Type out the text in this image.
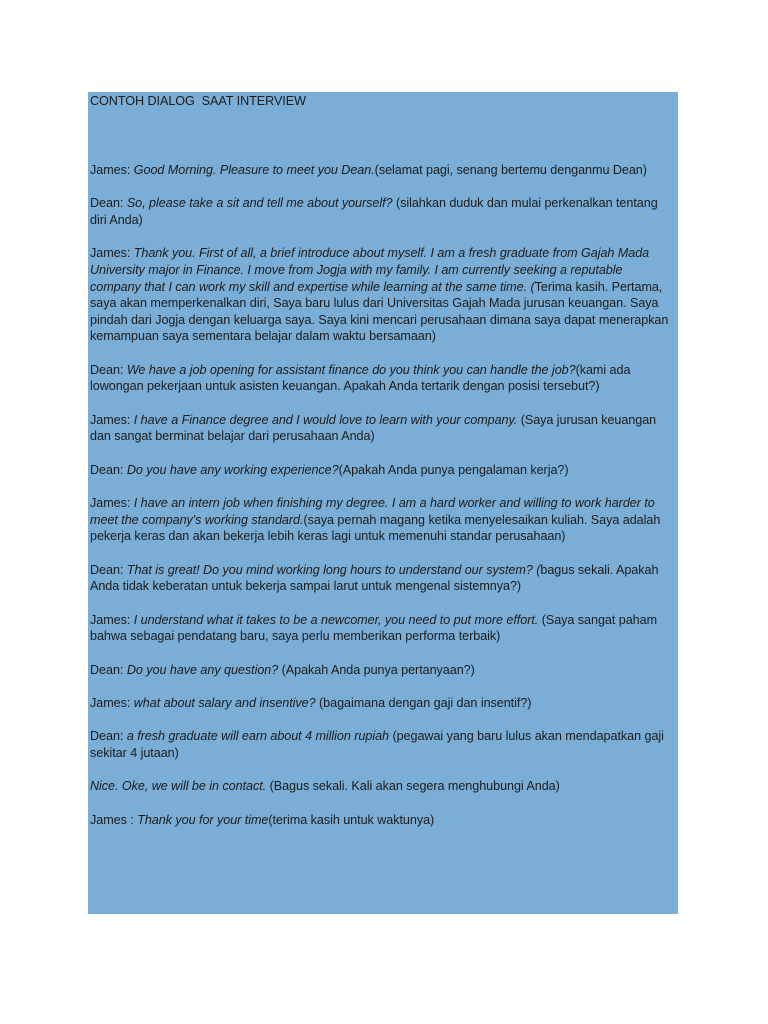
CONTOH DIALOG  SAAT INTERVIEW

James: Good Morning. Pleasure to meet you Dean.(selamat pagi, senang bertemu denganmu Dean)

Dean: So, please take a sit and tell me about yourself? (silahkan duduk dan mulai perkenalkan tentang diri Anda)

James: Thank you. First of all, a brief introduce about myself. I am a fresh graduate from Gajah Mada University major in Finance. I move from Jogja with my family. I am currently seeking a reputable company that I can work my skill and expertise while learning at the same time. (Terima kasih. Pertama, saya akan memperkenalkan diri, Saya baru lulus dari Universitas Gajah Mada jurusan keuangan. Saya pindah dari Jogja dengan keluarga saya. Saya kini mencari perusahaan dimana saya dapat menerapkan kemampuan saya sementara belajar dalam waktu bersamaan)

Dean: We have a job opening for assistant finance do you think you can handle the job?(kami ada lowongan pekerjaan untuk asisten keuangan. Apakah Anda tertarik dengan posisi tersebut?)

James: I have a Finance degree and I would love to learn with your company. (Saya jurusan keuangan dan sangat berminat belajar dari perusahaan Anda)

Dean: Do you have any working experience?(Apakah Anda punya pengalaman kerja?)

James: I have an intern job when finishing my degree. I am a hard worker and willing to work harder to meet the company's working standard.(saya pernah magang ketika menyelesaikan kuliah. Saya adalah pekerja keras dan akan bekerja lebih keras lagi untuk memenuhi standar perusahaan)

Dean: That is great! Do you mind working long hours to understand our system? (bagus sekali. Apakah Anda tidak keberatan untuk bekerja sampai larut untuk mengenal sistemnya?)

James: I understand what it takes to be a newcomer, you need to put more effort. (Saya sangat paham bahwa sebagai pendatang baru, saya perlu memberikan performa terbaik)

Dean: Do you have any question? (Apakah Anda punya pertanyaan?)

James: what about salary and insentive? (bagaimana dengan gaji dan insentif?)

Dean: a fresh graduate will earn about 4 million rupiah (pegawai yang baru lulus akan mendapatkan gaji sekitar 4 jutaan)

Nice. Oke, we will be in contact. (Bagus sekali. Kali akan segera menghubungi Anda)

James : Thank you for your time(terima kasih untuk waktunya)
